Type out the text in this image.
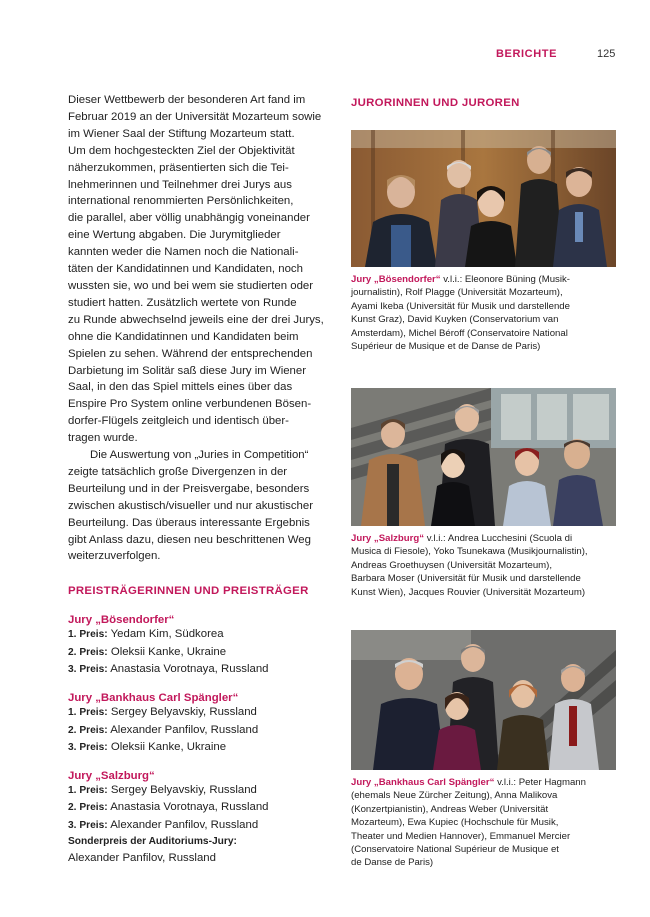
BERICHTE	125

Dieser Wettbewerb der besonderen Art fand im
Februar 2019 an der Universität Mozarteum sowie
im Wiener Saal der Stiftung Mozarteum statt.
Um dem hochgesteckten Ziel der Objektivität
näherzukommen, präsentierten sich die Tei-
lnehmerinnen und Teilnehmer drei Jurys aus
international renommierten Persönlichkeiten,
die parallel, aber völlig unabhängig voneinander
eine Wertung abgaben. Die Jurymitglieder
kannten weder die Namen noch die Nationali-
täten der Kandidatinnen und Kandidaten, noch
wussten sie, wo und bei wem sie studierten oder
studiert hatten. Zusätzlich wertete von Runde
zu Runde abwechselnd jeweils eine der drei Jurys,
ohne die Kandidatinnen und Kandidaten beim
Spielen zu sehen. Während der entsprechenden
Darbietung im Solitär saß diese Jury im Wiener
Saal, in den das Spiel mittels eines über das
Enspire Pro System online verbundenen Bösen-
dorfer-Flügels zeitgleich und identisch über-
tragen wurde.

Die Auswertung von „Juries in Competition“
zeigte tatsächlich große Divergenzen in der
Beurteilung und in der Preisvergabe, besonders
zwischen akustisch/visueller und nur akustischer
Beurteilung. Das überaus interessante Ergebnis
gibt Anlass dazu, diesen neu beschrittenen Weg
weiterzuverfolgen.

PREISTRÄGERINNEN UND PREISTRÄGER
Jury „Bösendorfer“
1. Preis: Yedam Kim, Südkorea
2. Preis: Oleksii Kanke, Ukraine
3. Preis: Anastasia Vorotnaya, Russland
Jury „Bankhaus Carl Spängler“
1. Preis: Sergey Belyavskiy, Russland
2. Preis: Alexander Panfilov, Russland
3. Preis: Oleksii Kanke, Ukraine
Jury „Salzburg“
1. Preis: Sergey Belyavskiy, Russland
2. Preis: Anastasia Vorotnaya, Russland
3. Preis: Alexander Panfilov, Russland
Sonderpreis der Auditoriums-Jury:
Alexander Panfilov, Russland
JURORINNEN UND JUROREN

Jury „Bösendorfer“ v.l.i.: Eleonore Büning (Musik-
journalistin), Rolf Plagge (Universität Mozarteum),
Ayami Ikeba (Universität für Musik und darstellende
Kunst Graz), David Kuyken (Conservatorium van
Amsterdam), Michel Béroff (Conservatoire National
Supérieur de Musique et de Danse de Paris)

Jury „Salzburg“ v.l.i.: Andrea Lucchesini (Scuola di
Musica di Fiesole), Yoko Tsunekawa (Musikjournalistin),
Andreas Groethuysen (Universität Mozarteum),
Barbara Moser (Universität für Musik und darstellende
Kunst Wien), Jacques Rouvier (Universität Mozarteum)

Jury „Bankhaus Carl Spängler“ v.l.i.: Peter Hagmann
(ehemals Neue Zürcher Zeitung), Anna Malikova
(Konzertpianistin), Andreas Weber (Universität
Mozarteum), Ewa Kupiec (Hochschule für Musik,
Theater und Medien Hannover), Emmanuel Mercier
(Conservatoire National Supérieur de Musique et
de Danse de Paris)
